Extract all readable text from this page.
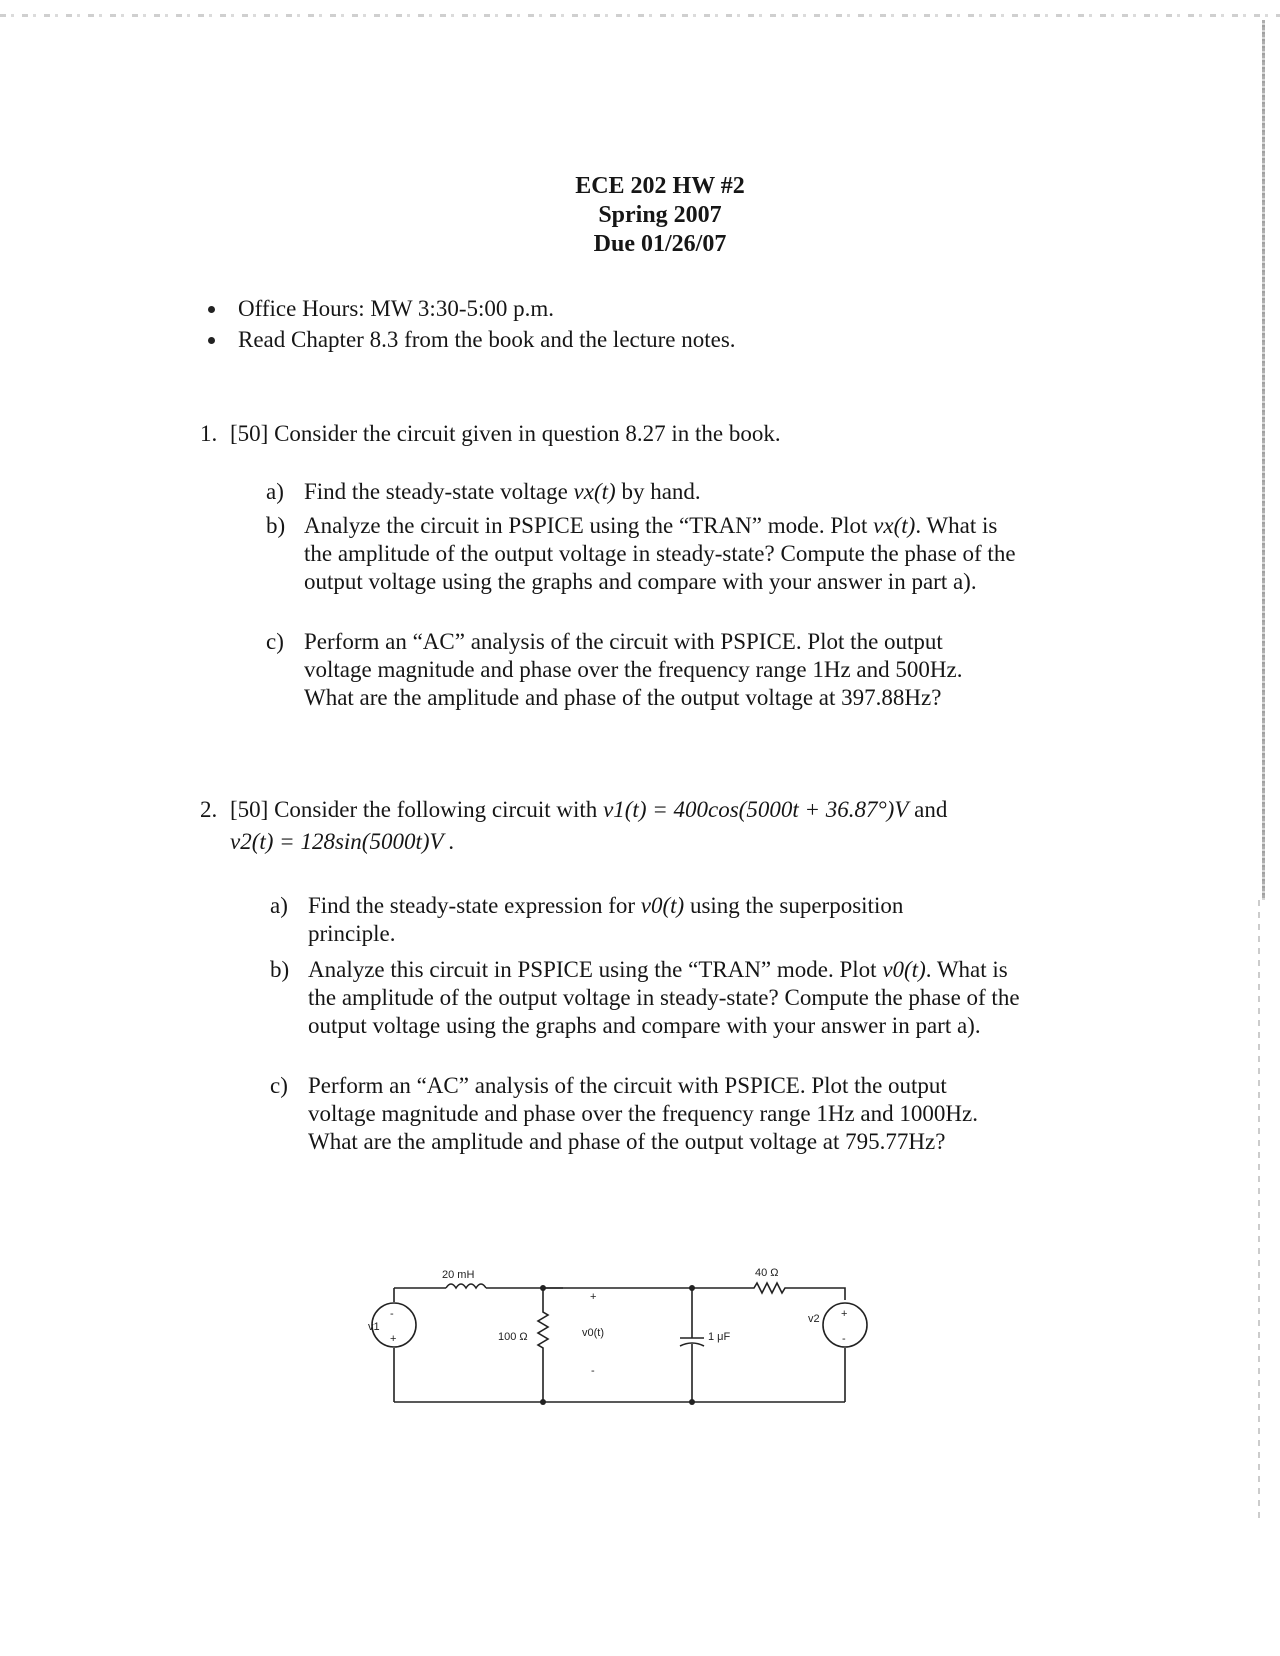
ECE 202 HW #2
Spring 2007
Due 01/26/07
Office Hours: MW 3:30-5:00 p.m.
Read Chapter 8.3 from the book and the lecture notes.
1. [50] Consider the circuit given in question 8.27 in the book.
a) Find the steady-state voltage vx(t) by hand.
b) Analyze the circuit in PSPICE using the “TRAN” mode. Plot vx(t). What is the amplitude of the output voltage in steady-state? Compute the phase of the output voltage using the graphs and compare with your answer in part a).
c) Perform an “AC” analysis of the circuit with PSPICE. Plot the output voltage magnitude and phase over the frequency range 1Hz and 500Hz. What are the amplitude and phase of the output voltage at 397.88Hz?
2. [50] Consider the following circuit with v1(t) = 400cos(5000t + 36.87°)V and
v2(t) = 128sin(5000t)V .
a) Find the steady-state expression for v0(t) using the superposition principle.
b) Analyze this circuit in PSPICE using the “TRAN” mode. Plot v0(t). What is the amplitude of the output voltage in steady-state? Compute the phase of the output voltage using the graphs and compare with your answer in part a).
c) Perform an “AC” analysis of the circuit with PSPICE. Plot the output voltage magnitude and phase over the frequency range 1Hz and 1000Hz. What are the amplitude and phase of the output voltage at 795.77Hz?
20 mH
100 Ω
40 Ω
1 μF
v1
v2
v0(t)
+
-
-
+
+
-
